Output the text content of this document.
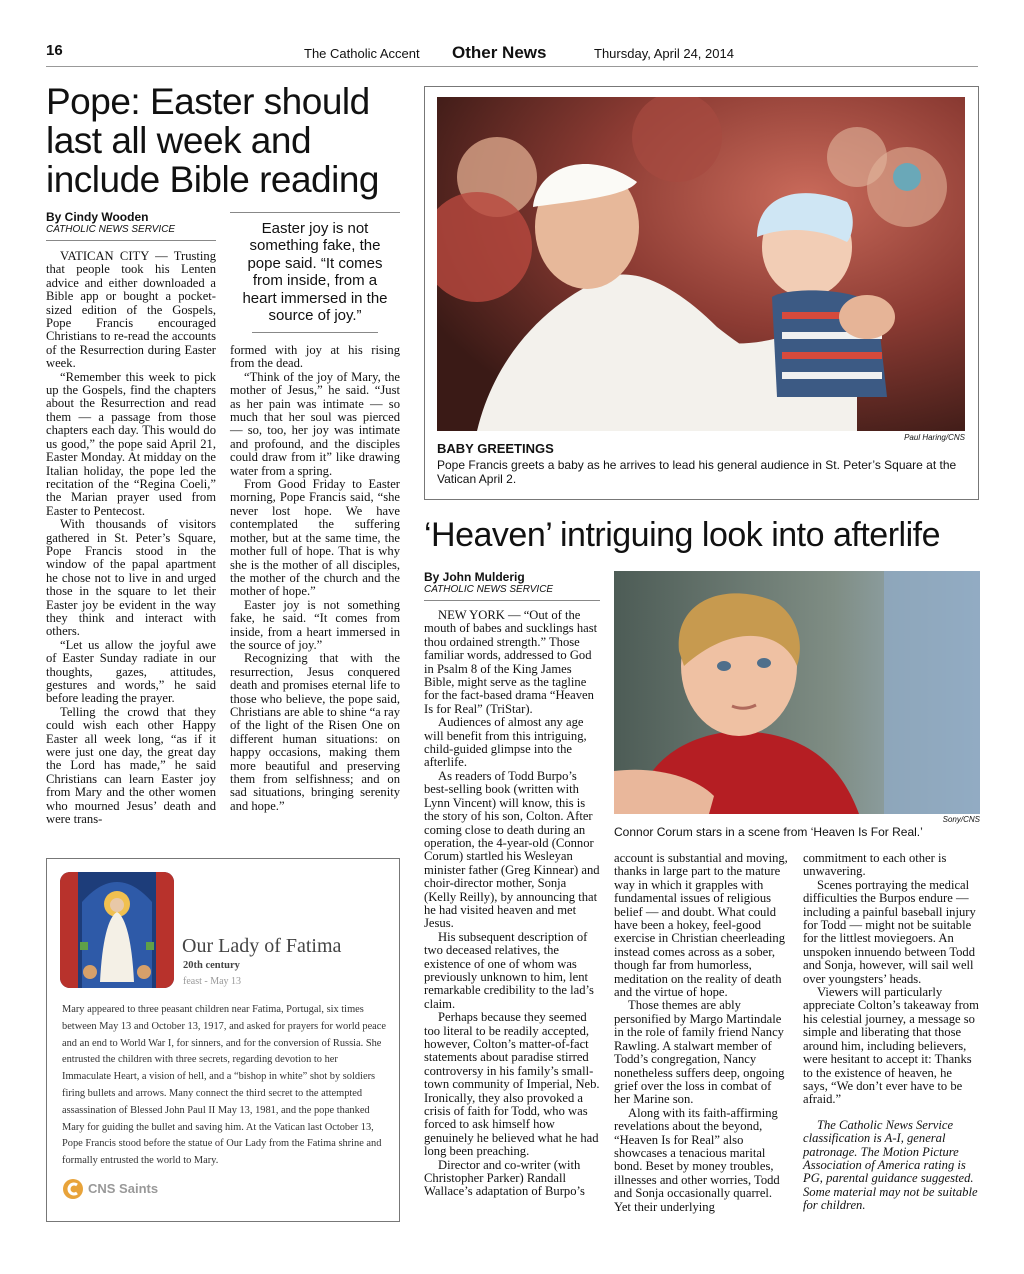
16	The Catholic Accent Other News	Thursday, April 24, 2014
Pope: Easter should last all week and include Bible reading
By Cindy Wooden
CATHOLIC NEWS SERVICE

VATICAN CITY — Trusting that people took his Lenten advice and either downloaded a Bible app or bought a pocket-sized edition of the Gospels, Pope Francis encouraged Christians to re-read the accounts of the Resurrection during Easter week.

“Remember this week to pick up the Gospels, find the chapters about the Resurrection and read them — a passage from those chapters each day. This would do us good,” the pope said April 21, Easter Monday. At midday on the Italian holiday, the pope led the recitation of the “Regina Coeli,” the Marian prayer used from Easter to Pentecost.

With thousands of visitors gathered in St. Peter’s Square, Pope Francis stood in the window of the papal apartment he chose not to live in and urged those in the square to let their Easter joy be evident in the way they think and interact with others.

“Let us allow the joyful awe of Easter Sunday radiate in our thoughts, gazes, attitudes, gestures and words,” he said before leading the prayer.

Telling the crowd that they could wish each other Happy Easter all week long, “as if it were just one day, the great day the Lord has made,” he said Christians can learn Easter joy from Mary and the other women who mourned Jesus’ death and were trans-

Easter joy is not something fake, the pope said. “It comes from inside, from a heart immersed in the source of joy.”

formed with joy at his rising from the dead.

“Think of the joy of Mary, the mother of Jesus,” he said. “Just as her pain was intimate — so much that her soul was pierced — so, too, her joy was intimate and profound, and the disciples could draw from it” like drawing water from a spring.

From Good Friday to Easter morning, Pope Francis said, “she never lost hope. We have contemplated the suffering mother, but at the same time, the mother full of hope. That is why she is the mother of all disciples, the mother of the church and the mother of hope.”

Easter joy is not something fake, he said. “It comes from inside, from a heart immersed in the source of joy.”

Recognizing that with the resurrection, Jesus conquered death and promises eternal life to those who believe, the pope said, Christians are able to shine “a ray of the light of the Risen One on different human situations: on happy occasions, making them more beautiful and preserving them from selfishness; and on sad situations, bringing serenity and hope.”

Paul Haring/CNS
BABY GREETINGS
Pope Francis greets a baby as he arrives to lead his general audience in St. Peter’s Square at the Vatican April 2.
‘Heaven’ intriguing look into afterlife
By John Mulderig
CATHOLIC NEWS SERVICE

NEW YORK — “Out of the mouth of babes and sucklings hast thou ordained strength.” Those familiar words, addressed to God in Psalm 8 of the King James Bible, might serve as the tagline for the fact-based drama “Heaven Is for Real” (TriStar).

Audiences of almost any age will benefit from this intriguing, child-guided glimpse into the afterlife.

As readers of Todd Burpo’s best-selling book (written with Lynn Vincent) will know, this is the story of his son, Colton. After coming close to death during an operation, the 4-year-old (Connor Corum) startled his Wesleyan minister father (Greg Kinnear) and choir-director mother, Sonja (Kelly Reilly), by announcing that he had visited heaven and met Jesus.

His subsequent description of two deceased relatives, the existence of one of whom was previously unknown to him, lent remarkable credibility to the lad’s claim.

Perhaps because they seemed too literal to be readily accepted, however, Colton’s matter-of-fact statements about paradise stirred controversy in his family’s small-town community of Imperial, Neb. Ironically, they also provoked a crisis of faith for Todd, who was forced to ask himself how genuinely he believed what he had long been preaching.

Director and co-writer (with Christopher Parker) Randall Wallace’s adaptation of Burpo’s

Sony/CNS
Connor Corum stars in a scene from ‘Heaven Is For Real.’

account is substantial and moving, thanks in large part to the mature way in which it grapples with fundamental issues of religious belief — and doubt. What could have been a hokey, feel-good exercise in Christian cheerleading instead comes across as a sober, though far from humorless, meditation on the reality of death and the virtue of hope.

Those themes are ably personified by Margo Martindale in the role of family friend Nancy Rawling. A stalwart member of Todd’s congregation, Nancy nonetheless suffers deep, ongoing grief over the loss in combat of her Marine son.

Along with its faith-affirming revelations about the beyond, “Heaven Is for Real” also showcases a tenacious marital bond. Beset by money troubles, illnesses and other worries, Todd and Sonja occasionally quarrel. Yet their underlying

commitment to each other is unwavering.

Scenes portraying the medical difficulties the Burpos endure — including a painful baseball injury for Todd — might not be suitable for the littlest moviegoers. An unspoken innuendo between Todd and Sonja, however, will sail well over youngsters’ heads.

Viewers will particularly appreciate Colton’s takeaway from his celestial journey, a message so simple and liberating that those around him, including believers, were hesitant to accept it: Thanks to the existence of heaven, he says, “We don’t ever have to be afraid.”

The Catholic News Service classification is A-I, general patronage. The Motion Picture Association of America rating is PG, parental guidance suggested. Some material may not be suitable for children.

Our Lady of Fatima
20th century
feast - May 13
Mary appeared to three peasant children near Fatima, Portugal, six times between May 13 and October 13, 1917, and asked for prayers for world peace and an end to World War I, for sinners, and for the conversion of Russia. She entrusted the children with three secrets, regarding devotion to her Immaculate Heart, a vision of hell, and a “bishop in white” shot by soldiers firing bullets and arrows. Many connect the third secret to the attempted assassination of Blessed John Paul II May 13, 1981, and the pope thanked Mary for guiding the bullet and saving him. At the Vatican last October 13, Pope Francis stood before the statue of Our Lady from the Fatima shrine and formally entrusted the world to Mary.
CNS Saints
